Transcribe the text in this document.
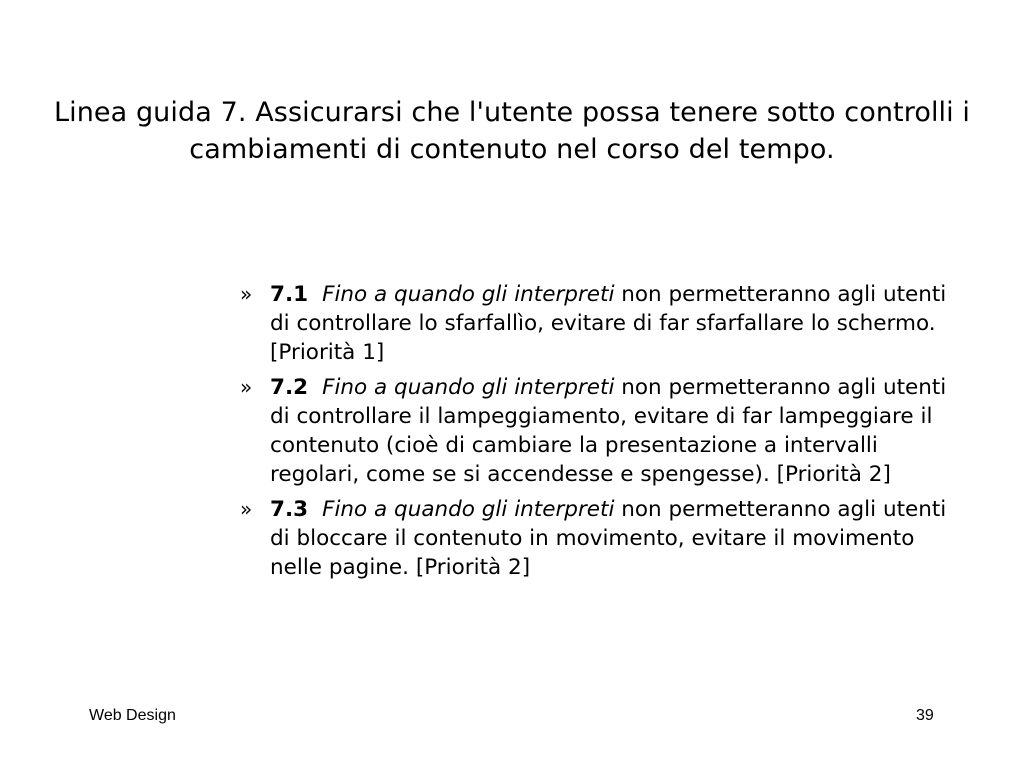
Linea guida 7. Assicurarsi che l'utente possa tenere sotto controlli i cambiamenti di contenuto nel corso del tempo.
» 7.1 Fino a quando gli interpreti non permetteranno agli utenti di controllare lo sfarfallìo, evitare di far sfarfallare lo schermo.[Priorità 1]
» 7.2 Fino a quando gli interpreti non permetteranno agli utenti di controllare il lampeggiamento, evitare di far lampeggiare il contenuto (cioè di cambiare la presentazione a intervalli regolari, come se si accendesse e spengesse). [Priorità 2]
» 7.3 Fino a quando gli interpreti non permetteranno agli utenti di bloccare il contenuto in movimento, evitare il movimento nelle pagine. [Priorità 2]
Web Design	39
